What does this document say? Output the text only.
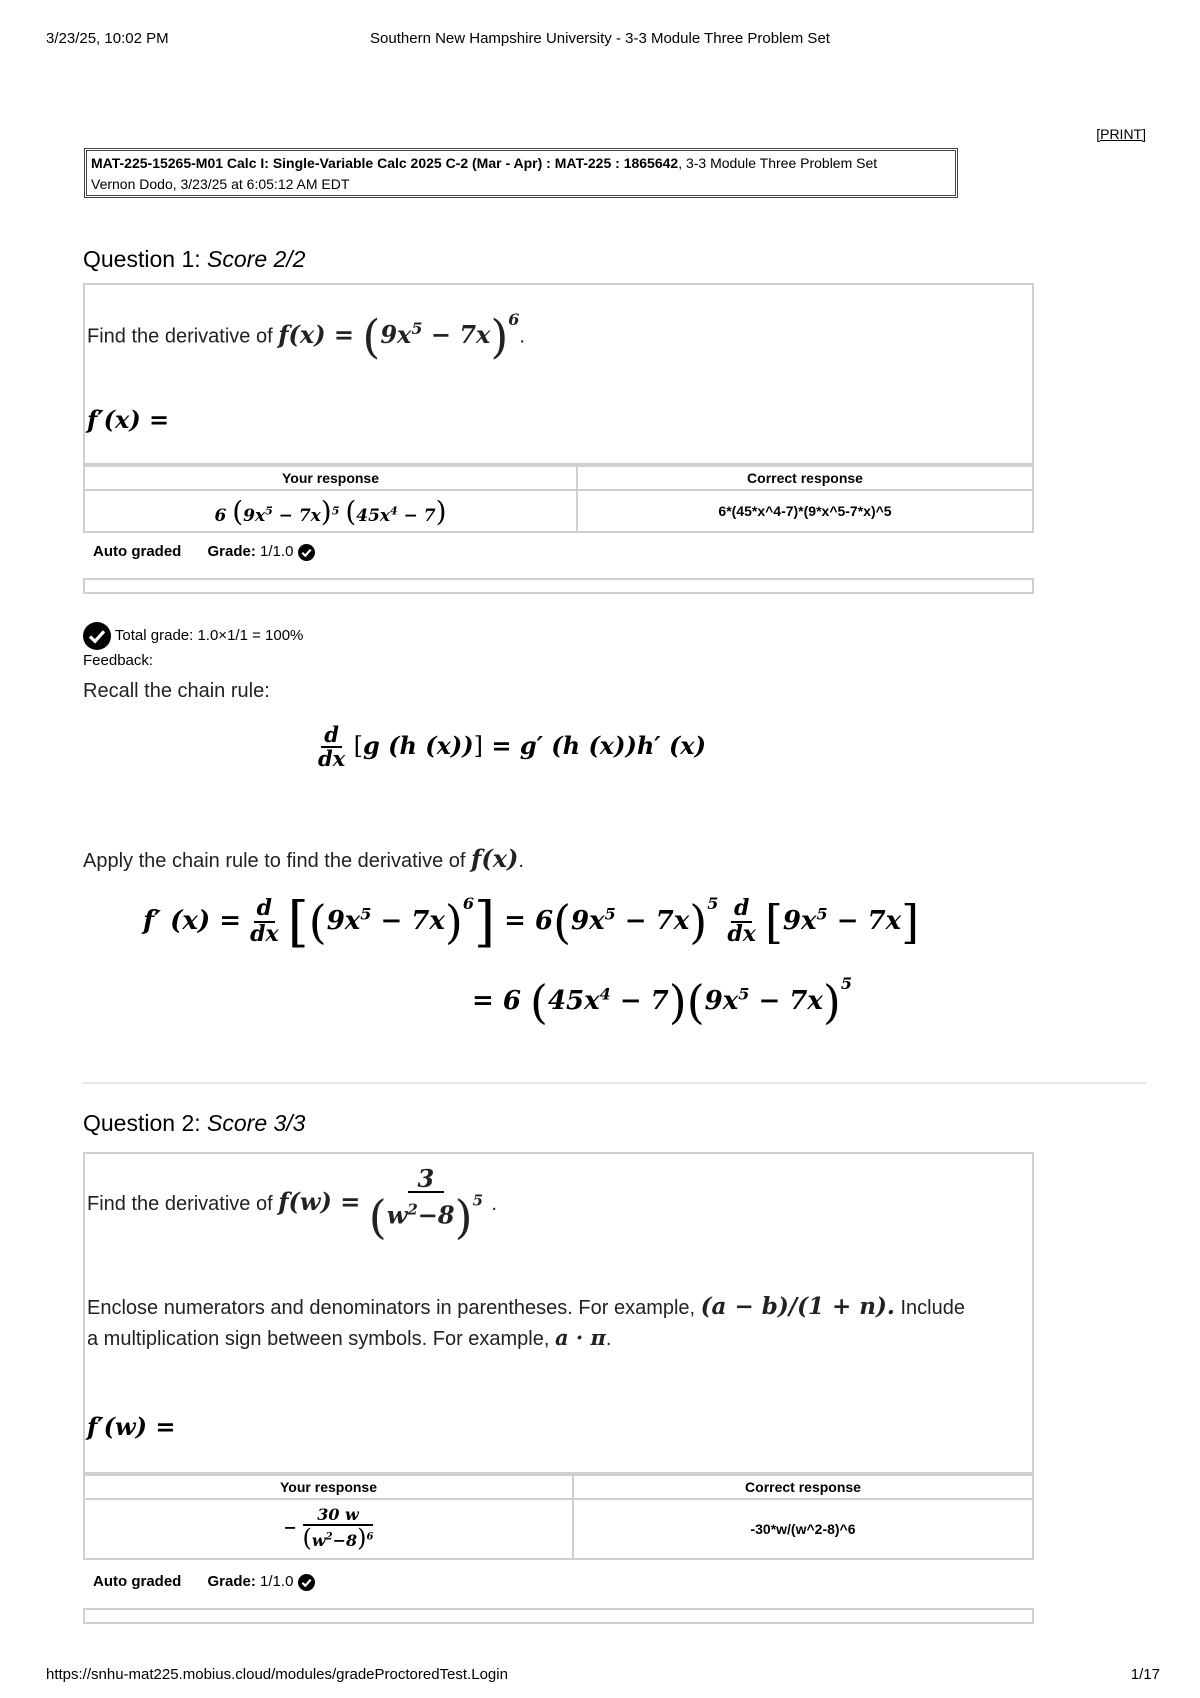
3/23/25, 10:02 PM	Southern New Hampshire University - 3-3 Module Three Problem Set
[PRINT]
MAT-225-15265-M01 Calc I: Single-Variable Calc 2025 C-2 (Mar - Apr) : MAT-225 : 1865642, 3-3 Module Three Problem Set
Vernon Dodo, 3/23/25 at 6:05:12 AM EDT
Question 1: Score 2/2
Find the derivative of $f(x) = (9x^5 - 7x)^6$.
f′(x) =
Your response	Correct response
6 $(9x^5 - 7x)^5$ $(45x^4 - 7)$	6*(45*x^4-7)*(9*x^5-7*x)^5
Auto graded Grade: 1/1.0
Total grade: 1.0×1/1 = 100%
Feedback:
Recall the chain rule:
$\frac{d}{dx} [g$ (h (x))] = g′ (h (x))h′ (x)
Apply the chain rule to find the derivative of f(x).
f′ $(x) = \frac{d}{dx} [(9x^5 - 7x)^6] = 6(9x^5 - 7x)^5 \frac{d}{dx} [9x^5 - 7x]$
= 6 $(45x^4 - 7)(9x^5 - 7x)^5$
Question 2: Score 3/3
Find the derivative of $f(w) = \frac{3}{(w^2-8)^5}$ .
Enclose numerators and denominators in parentheses. For example, (a − b)/(1 + n). Include
a multiplication sign between symbols. For example, a · π.
f′(w) =
Your response	Correct response
− $\frac{30 w}{(w^2-8)^6}$	-30*w/(w^2-8)^6
Auto graded Grade: 1/1.0
https://snhu-mat225.mobius.cloud/modules/gradeProctoredTest.Login	1/17
